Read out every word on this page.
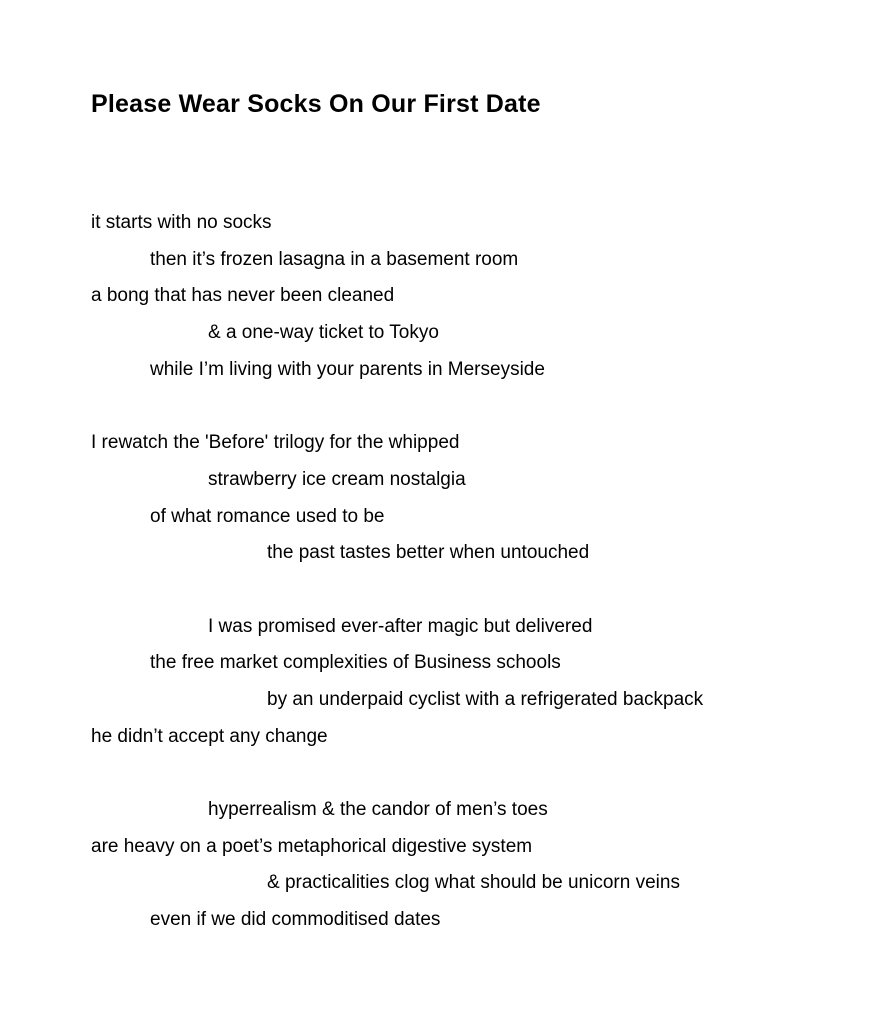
Please Wear Socks On Our First Date
it starts with no socks
then it’s frozen lasagna in a basement room
a bong that has never been cleaned
& a one-way ticket to Tokyo
while I’m living with your parents in Merseyside
I rewatch the 'Before' trilogy for the whipped
strawberry ice cream nostalgia
of what romance used to be
the past tastes better when untouched
I was promised ever-after magic but delivered
the free market complexities of Business schools
by an underpaid cyclist with a refrigerated backpack
he didn’t accept any change
hyperrealism & the candor of men’s toes
are heavy on a poet’s metaphorical digestive system
& practicalities clog what should be unicorn veins
even if we did commoditised dates
